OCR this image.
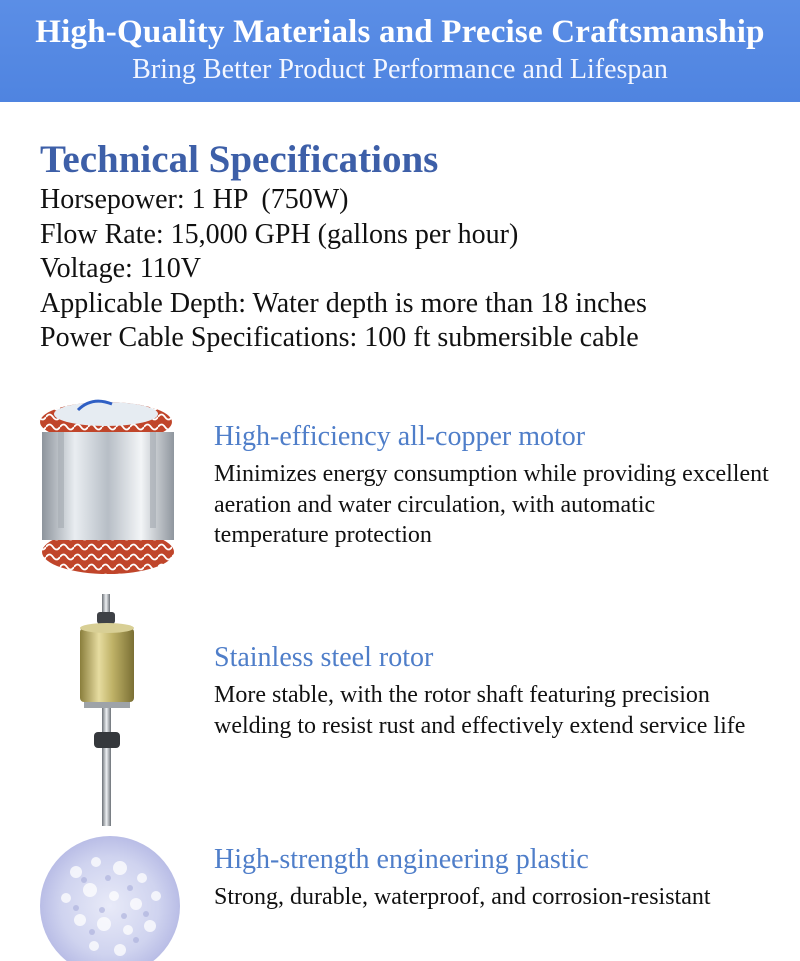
High-Quality Materials and Precise Craftsmanship
Bring Better Product Performance and Lifespan
Technical Specifications
Horsepower: 1 HP  (750W)
Flow Rate: 15,000 GPH (gallons per hour)
Voltage: 110V
Applicable Depth: Water depth is more than 18 inches
Power Cable Specifications: 100 ft submersible cable
High-efficiency all-copper motor
Minimizes energy consumption while providing excellent aeration and water circulation, with automatic temperature protection
Stainless steel rotor
More stable, with the rotor shaft featuring precision welding to resist rust and effectively extend service life
High-strength engineering plastic
Strong, durable, waterproof, and corrosion-resistant
